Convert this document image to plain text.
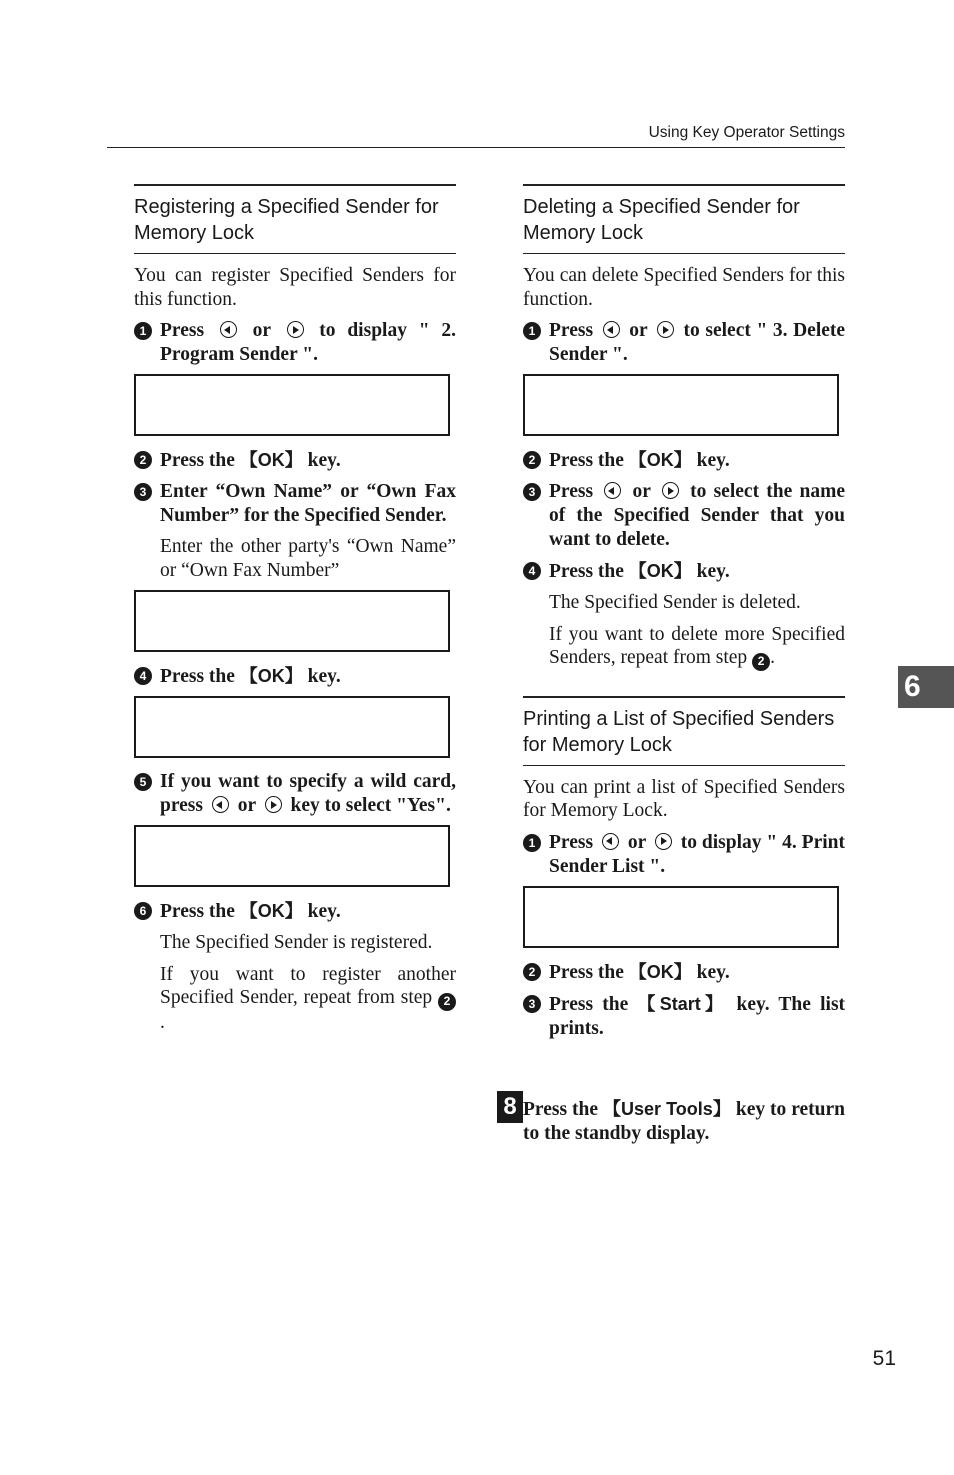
Using Key Operator Settings
Registering a Specified Sender for Memory Lock

You can register Specified Senders for this function.

1 Press or to display " 2. Program Sender ".

2 Press the 【OK】 key.
3 Enter “Own Name” or “Own Fax Number” for the Specified Sender.

Enter the other party's “Own Name” or “Own Fax Number”

4 Press the 【OK】 key.

5 If you want to specify a wild card, press or key to select "Yes".

6 Press the 【OK】 key.

The Specified Sender is registered.

If you want to register another Specified Sender, repeat from step 2.

Deleting a Specified Sender for Memory Lock

You can delete Specified Senders for this function.

1 Press or to select " 3. Delete Sender ".

2 Press the 【OK】 key.
3 Press or to select the name of the Specified Sender that you want to delete.
4 Press the 【OK】 key.

The Specified Sender is deleted.

If you want to delete more Specified Senders, repeat from step 2 .

Printing a List of Specified Senders for Memory Lock

You can print a list of Specified Senders for Memory Lock.

1 Press or to display " 4. Print Sender List ".

2 Press the 【OK】 key.
3 Press the 【Start】 key. The list prints.
8 Press the 【User Tools】 key to return to the standby display.
6
51
